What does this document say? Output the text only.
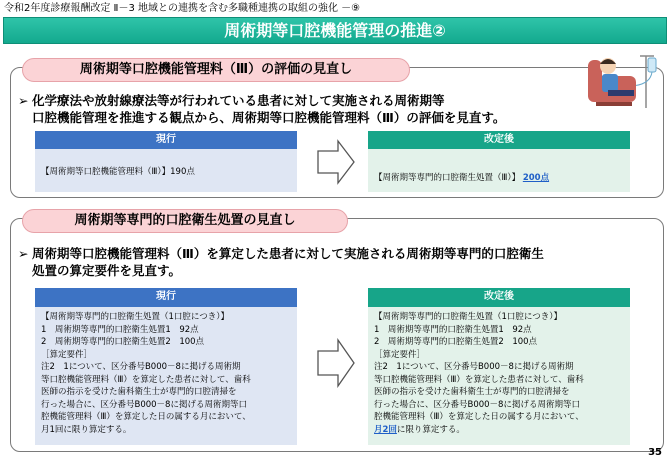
令和2年度診療報酬改定 Ⅱ－3 地域との連携を含む多職種連携の取組の強化 －⑨
周術期等口腔機能管理の推進②
周術期等口腔機能管理料（Ⅲ）の評価の見直し
➢ 化学療法や放射線療法等が行われている患者に対して実施される周術期等
口腔機能管理を推進する観点から、周術期等口腔機能管理料（Ⅲ）の評価を見直す。
現行
【周術期等口腔機能管理料（Ⅲ）】190点
改定後
【周術期等専門的口腔衛生処置（Ⅲ）】 200点
周術期等専門的口腔衛生処置の見直し
➢ 周術期等口腔機能管理料（Ⅲ）を算定した患者に対して実施される周術期等専門的口腔衛生
処置の算定要件を見直す。
現行
【周術期等専門的口腔衛生処置（1口腔につき）】
1　周術期等専門的口腔衛生処置1　92点
2　周術期等専門的口腔衛生処置2　100点
［算定要件］
注2　1について、区分番号B000－8に掲げる周術期
等口腔機能管理料（Ⅲ）を算定した患者に対して、歯科
医師の指示を受けた歯科衛生士が専門的口腔清掃を
行った場合に、区分番号B000－8に掲げる周術期等口
腔機能管理料（Ⅲ）を算定した日の属する月において、
月1回に限り算定する。
改定後
【周術期等専門的口腔衛生処置（1口腔につき）】
1　周術期等専門的口腔衛生処置1　92点
2　周術期等専門的口腔衛生処置2　100点
［算定要件］
注2　1について、区分番号B000－8に掲げる周術期
等口腔機能管理料（Ⅲ）を算定した患者に対して、歯科
医師の指示を受けた歯科衛生士が専門的口腔清掃を
行った場合に、区分番号B000－8に掲げる周術期等口
腔機能管理料（Ⅲ）を算定した日の属する月において、
月2回に限り算定する。
35
